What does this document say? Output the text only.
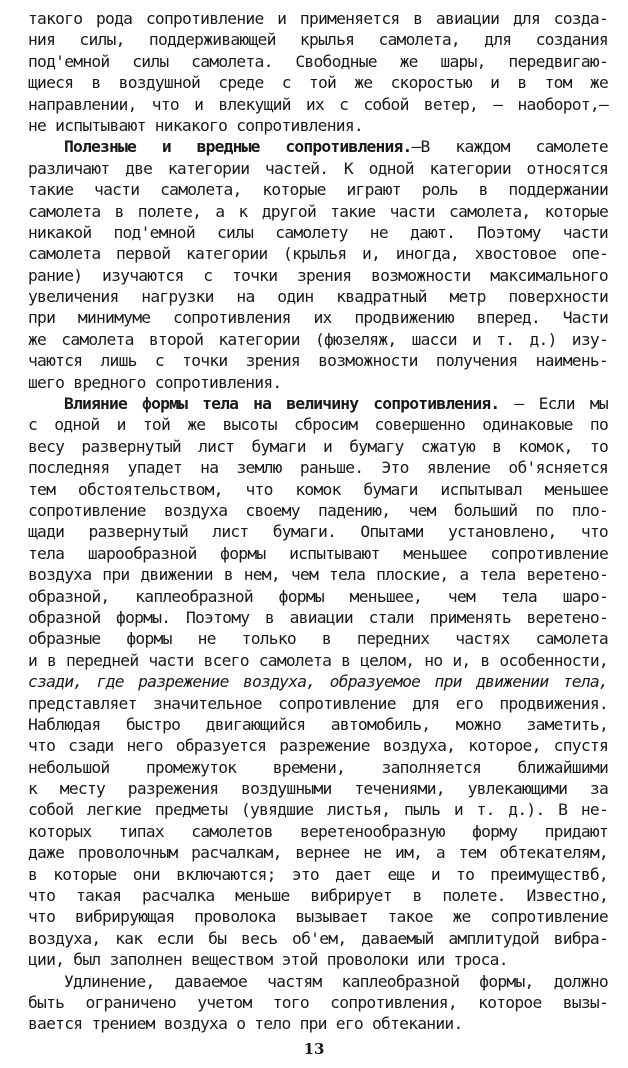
такого рода сопротивление и применяется в авиации для созда-
ния силы, поддерживающей крылья самолета, для создания
под'емной силы самолета. Свободные же шары, передвигаю-
щиеся в воздушной среде с той же скоростью и в том же
направлении, что и влекущий их с собой ветер, — наоборот,—
не испытывают никакого сопротивления.
Полезные и вредные сопротивления.—В каждом самолете
различают две категории частей. К одной категории относятся
такие части самолета, которые играют роль в поддержании
самолета в полете, а к другой такие части самолета, которые
никакой под'емной силы самолету не дают. Поэтому части
самолета первой категории (крылья и, иногда, хвостовое опе-
рание) изучаются с точки зрения возможности максимального
увеличения нагрузки на один квадратный метр поверхности
при минимуме сопротивления их продвижению вперед. Части
же самолета второй категории (фюзеляж, шасси и т. д.) изу-
чаются лишь с точки зрения возможности получения наимень-
шего вредного сопротивления.
Влияние формы тела на величину сопротивления. — Если мы
с одной и той же высоты сбросим совершенно одинаковые по
весу развернутый лист бумаги и бумагу сжатую в комок, то
последняя упадет на землю раньше. Это явление об'ясняется
тем обстоятельством, что комок бумаги испытывал меньшее
сопротивление воздуха своему падению, чем больший по пло-
щади развернутый лист бумаги. Опытами установлено, что
тела шарообразной формы испытывают меньшее сопротивление
воздуха при движении в нем, чем тела плоские, а тела веретено-
образной, каплеобразной формы меньшее, чем тела шаро-
образной формы. Поэтому в авиации стали применять веретено-
образные формы не только в передних частях самолета
и в передней части всего самолета в целом, но и, в особенности,
сзади, где разрежение воздуха, образуемое при движении тела,
представляет значительное сопротивление для его продвижения.
Наблюдая быстро двигающийся автомобиль, можно заметить,
что сзади него образуется разрежение воздуха, которое, спустя
небольшой промежуток времени, заполняется ближайшими
к месту разрежения воздушными течениями, увлекающими за
собой легкие предметы (увядшие листья, пыль и т. д.). В не-
которых типах самолетов веретенообразную форму придают
даже проволочным расчалкам, вернее не им, а тем обтекателям,
в которые они включаются; это дает еще и то преимуществб,
что такая расчалка меньше вибрирует в полете. Известно,
что вибрирующая проволока вызывает такое же сопротивление
воздуха, как если бы весь об'ем, даваемый амплитудой вибра-
ции, был заполнен веществом этой проволоки или троса.
Удлинение, даваемое частям каплеобразной формы, должно
быть ограничено учетом того сопротивления, которое вызы-
вается трением воздуха о тело при его обтекании.
13
